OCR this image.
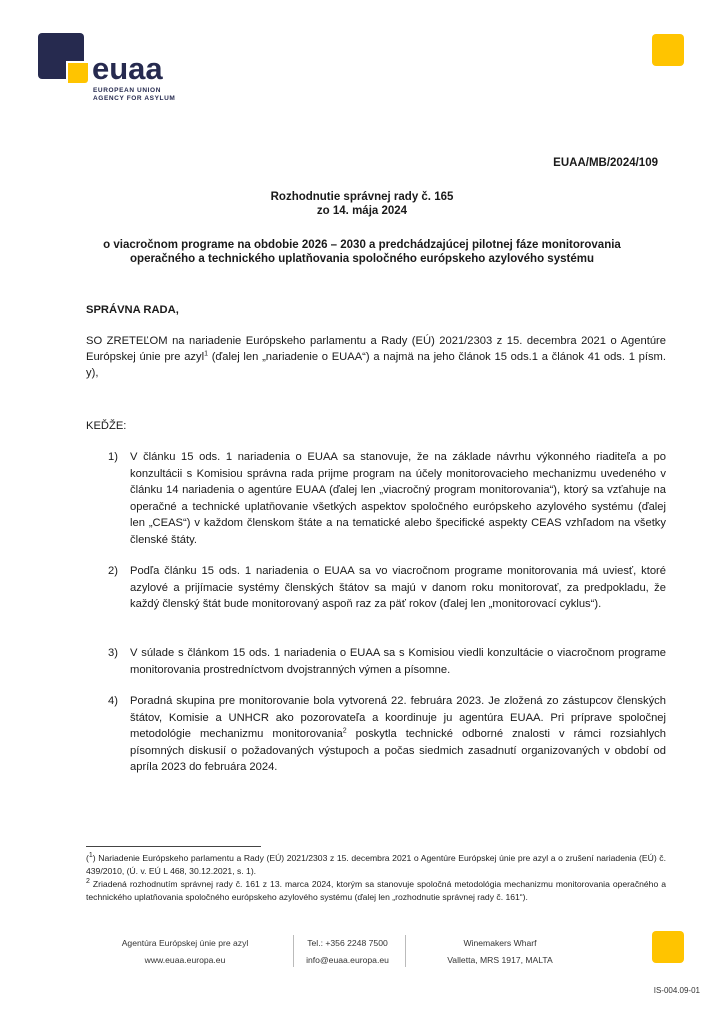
euaa
EUROPEAN UNION
AGENCY FOR ASYLUM
EUAA/MB/2024/109
Rozhodnutie správnej rady č. 165
zo 14. mája 2024
o viacročnom programe na obdobie 2026 – 2030 a predchádzajúcej pilotnej fáze monitorovania
operačného a technického uplatňovania spoločného európskeho azylového systému
SPRÁVNA RADA,
SO ZRETEĽOM na nariadenie Európskeho parlamentu a Rady (EÚ) 2021/2303 z 15. decembra 2021 o Agentúre Európskej únie pre azyl$^1$ (ďalej len „nariadenie o EUAA“) a najmä na jeho článok 15 ods.1 a článok 41 ods. 1 písm. y),
KEĎŽE:
1) V článku 15 ods. 1 nariadenia o EUAA sa stanovuje, že na základe návrhu výkonného riaditeľa a po konzultácii s Komisiou správna rada prijme program na účely monitorovacieho mechanizmu uvedeného v článku 14 nariadenia o agentúre EUAA (ďalej len „viacročný program monitorovania“), ktorý sa vzťahuje na operačné a technické uplatňovanie všetkých aspektov spoločného európskeho azylového systému (ďalej len „CEAS“) v každom členskom štáte a na tematické alebo špecifické aspekty CEAS vzhľadom na všetky členské štáty.
2) Podľa článku 15 ods. 1 nariadenia o EUAA sa vo viacročnom programe monitorovania má uviesť, ktoré azylové a prijímacie systémy členských štátov sa majú v danom roku monitorovať, za predpokladu, že každý členský štát bude monitorovaný aspoň raz za päť rokov (ďalej len „monitorovací cyklus“).
3) V súlade s článkom 15 ods. 1 nariadenia o EUAA sa s Komisiou viedli konzultácie o viacročnom programe monitorovania prostredníctvom dvojstranných výmen a písomne.
4) Poradná skupina pre monitorovanie bola vytvorená 22. februára 2023. Je zložená zo zástupcov členských štátov, Komisie a UNHCR ako pozorovateľa a koordinuje ju agentúra EUAA. Pri príprave spoločnej metodológie mechanizmu monitorovania$^2$ poskytla technické odborné znalosti v rámci rozsiahlych písomných diskusií o požadovaných výstupoch a počas siedmich zasadnutí organizovaných v období od apríla 2023 do februára 2024.
($^1$) Nariadenie Európskeho parlamentu a Rady (EÚ) 2021/2303 z 15. decembra 2021 o Agentúre Európskej únie pre azyl a o zrušení nariadenia (EÚ) č. 439/2010, (Ú. v. EÚ L 468, 30.12.2021, s. 1).
$^2$ Zriadená rozhodnutím správnej rady č. 161 z 13. marca 2024, ktorým sa stanovuje spoločná metodológia mechanizmu monitorovania operačného a technického uplatňovania spoločného európskeho azylového systému (ďalej len „rozhodnutie správnej rady č. 161“).
Agentúra Európskej únie pre azyl
www.euaa.europa.eu
Tel.: +356 2248 7500
info@euaa.europa.eu
Winemakers Wharf
Valletta, MRS 1917, MALTA
IS-004.09-01
